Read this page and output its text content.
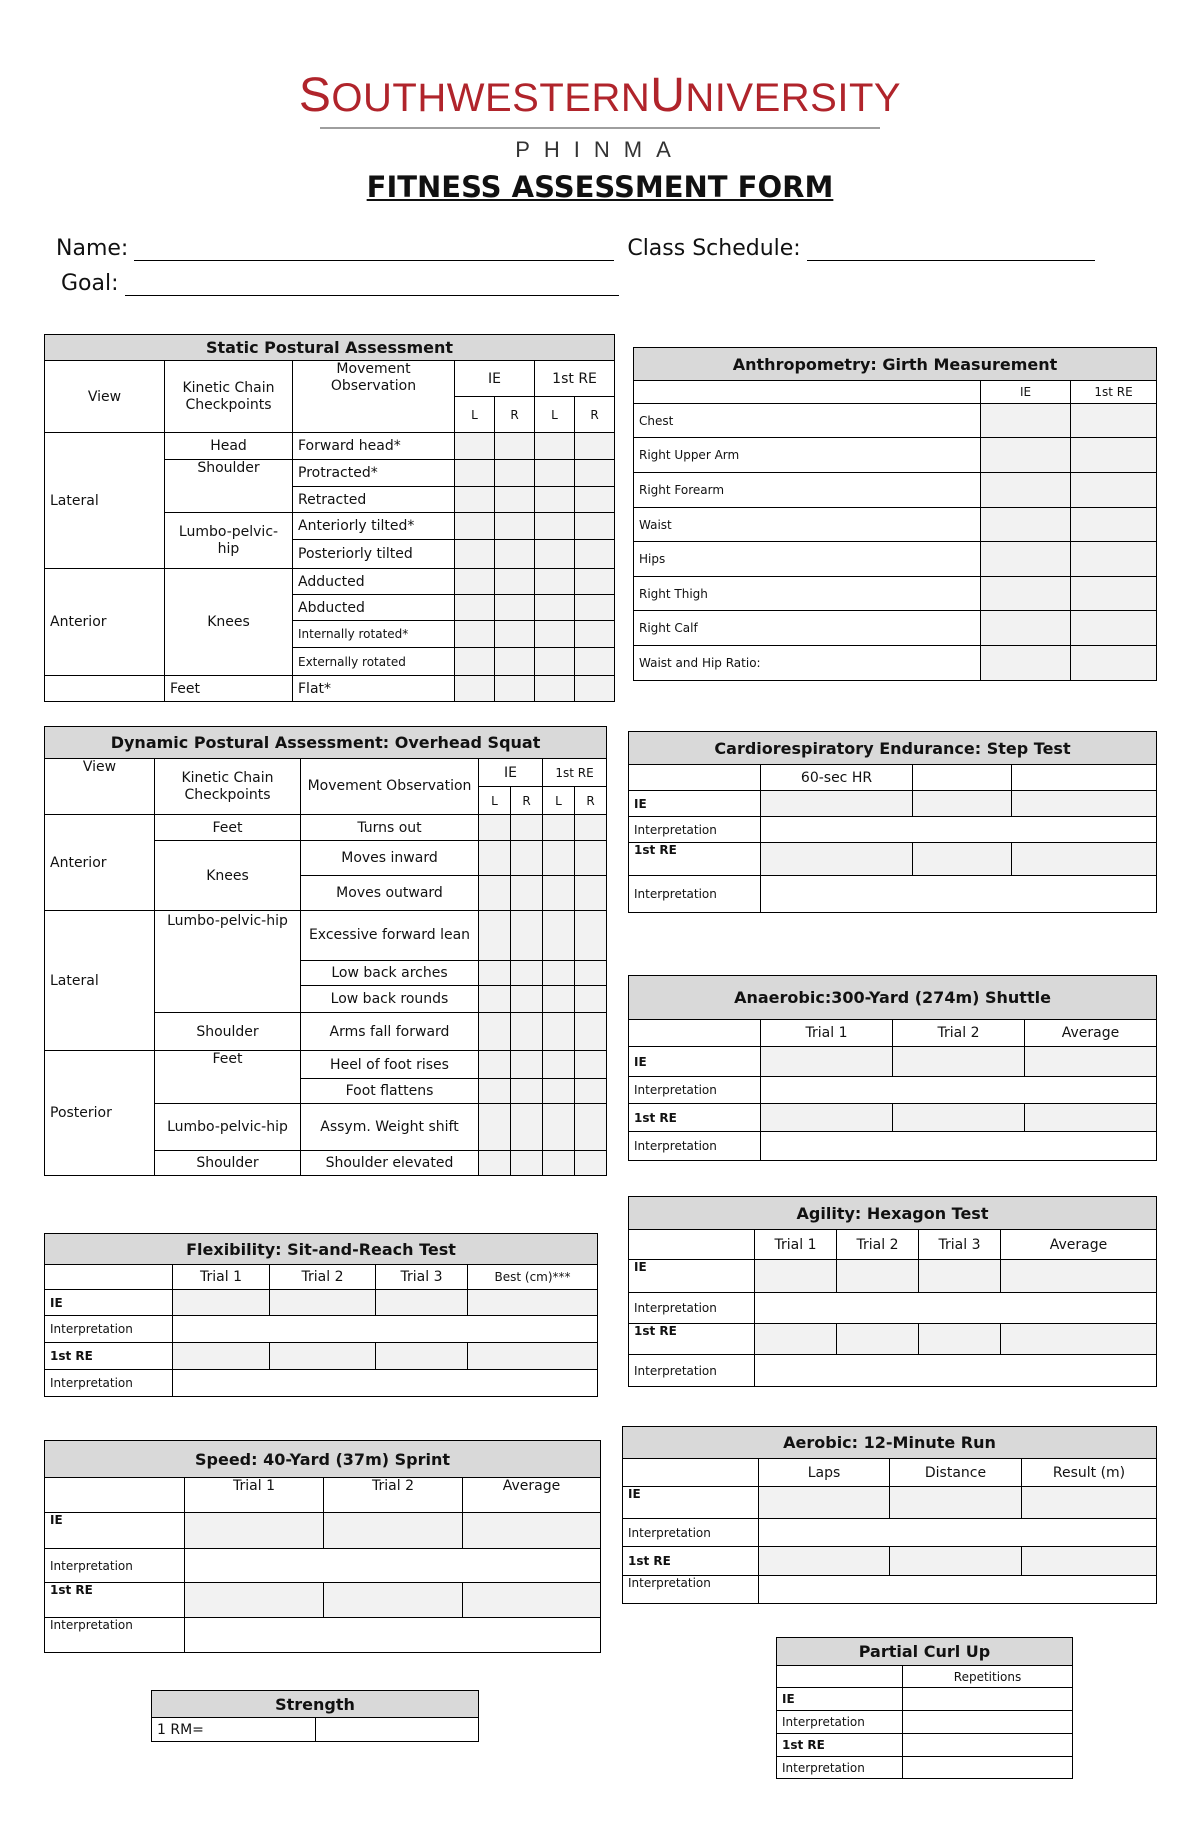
SOUTHWESTERNUNIVERSITY
PHINMA
FITNESS ASSESSMENT FORM
Name:	Class Schedule:
Goal:
Static Postural Assessment						
View	Kinetic Chain Checkpoints	Movement Observation	IE		1st RE	
			L	R	L	R
Lateral	Head	Forward head*				
	Shoulder	Protracted*				
		Retracted				
	Lumbo-pelvic-hip	Anteriorly tilted*				
		Posteriorly tilted				
Anterior	Knees	Adducted				
		Abducted				
		Internally rotated*				
		Externally rotated				
	Feet	Flat*				
Dynamic Postural Assessment: Overhead Squat						
View	Kinetic Chain Checkpoints	Movement Observation	IE		1st RE	
			L	R	L	R
Anterior	Feet	Turns out				
	Knees	Moves inward				
		Moves outward				
Lateral	Lumbo-pelvic-hip	Excessive forward lean				
		Low back arches				
		Low back rounds				
	Shoulder	Arms fall forward				
Posterior	Feet	Heel of foot rises				
		Foot flattens				
	Lumbo-pelvic-hip	Assym. Weight shift				
	Shoulder	Shoulder elevated				
Anthropometry: Girth Measurement		
	IE	1st RE
Chest		
Right Upper Arm		
Right Forearm		
Waist		
Hips		
Right Thigh		
Right Calf		
Waist and Hip Ratio:		
Cardiorespiratory Endurance: Step Test			
	60-sec HR		
IE			
Interpretation			
1st RE			
Interpretation			
Anaerobic:300-Yard (274m) Shuttle			
	Trial 1	Trial 2	Average
IE			
Interpretation			
1st RE			
Interpretation			
Agility: Hexagon Test				
	Trial 1	Trial 2	Trial 3	Average
IE				
Interpretation				
1st RE				
Interpretation				
Flexibility: Sit-and-Reach Test				
	Trial 1	Trial 2	Trial 3	Best (cm)***
IE				
Interpretation				
1st RE				
Interpretation				
Aerobic: 12-Minute Run			
	Laps	Distance	Result (m)
IE			
Interpretation			
1st RE			
Interpretation			
Speed: 40-Yard (37m) Sprint			
	Trial 1	Trial 2	Average
IE			
Interpretation			
1st RE			
Interpretation			
Partial Curl Up	
	Repetitions
IE	
Interpretation	
1st RE	
Interpretation	
Strength
1 RM=	
